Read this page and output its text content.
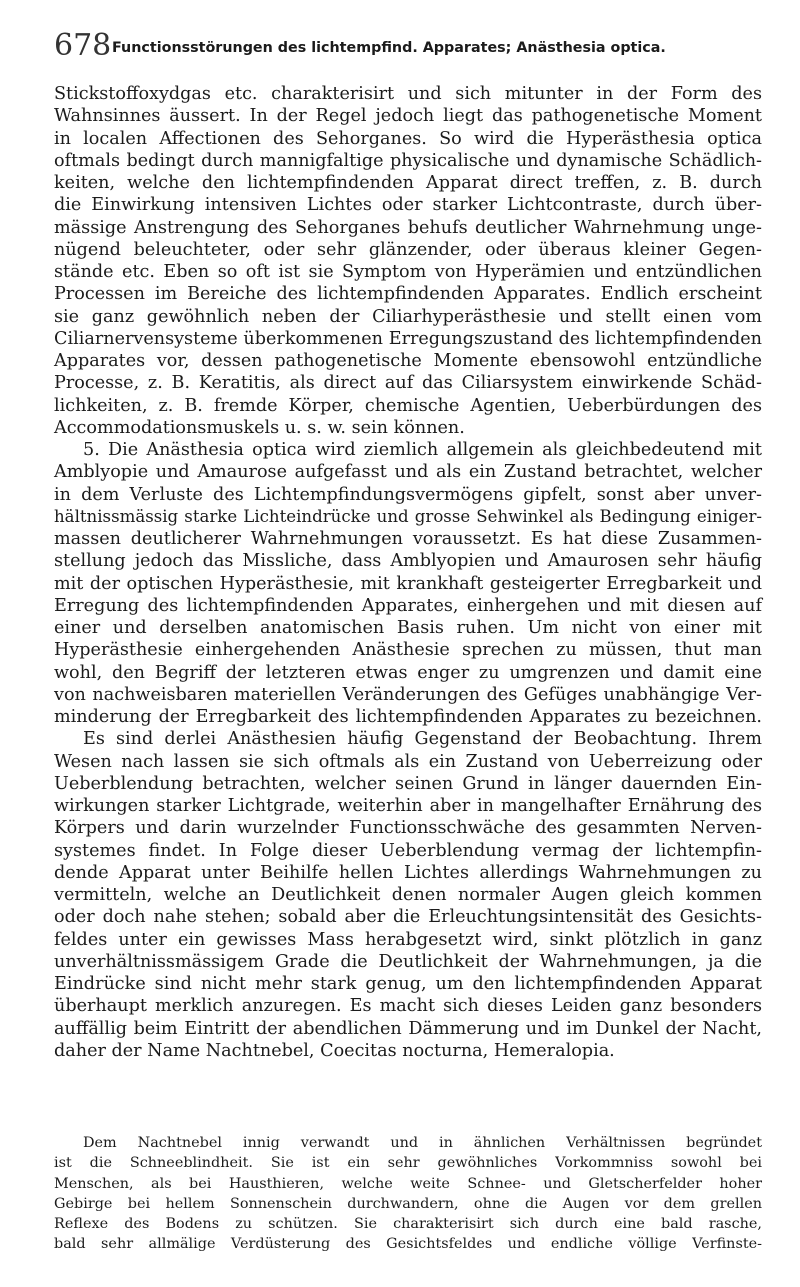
678 Functionsstörungen des lichtempfind. Apparates; Anästhesia optica.
Stickstoffoxydgas etc. charakterisirt und sich mitunter in der Form des
Wahnsinnes äussert. In der Regel jedoch liegt das pathogenetische Moment
in localen Affectionen des Sehorganes. So wird die Hyperästhesia optica
oftmals bedingt durch mannigfaltige physicalische und dynamische Schädlich-
keiten, welche den lichtempfindenden Apparat direct treffen, z. B. durch
die Einwirkung intensiven Lichtes oder starker Lichtcontraste, durch über-
mässige Anstrengung des Sehorganes behufs deutlicher Wahrnehmung unge-
nügend beleuchteter, oder sehr glänzender, oder überaus kleiner Gegen-
stände etc. Eben so oft ist sie Symptom von Hyperämien und entzündlichen
Processen im Bereiche des lichtempfindenden Apparates. Endlich erscheint
sie ganz gewöhnlich neben der Ciliarhyperästhesie und stellt einen vom
Ciliarnervensysteme überkommenen Erregungszustand des lichtempfindenden
Apparates vor, dessen pathogenetische Momente ebensowohl entzündliche
Processe, z. B. Keratitis, als direct auf das Ciliarsystem einwirkende Schäd-
lichkeiten, z. B. fremde Körper, chemische Agentien, Ueberbürdungen des
Accommodationsmuskels u. s. w. sein können.
5. Die Anästhesia optica wird ziemlich allgemein als gleichbedeutend mit
Amblyopie und Amaurose aufgefasst und als ein Zustand betrachtet, welcher
in dem Verluste des Lichtempfindungsvermögens gipfelt, sonst aber unver-
hältnissmässig starke Lichteindrücke und grosse Sehwinkel als Bedingung einiger-
massen deutlicherer Wahrnehmungen voraussetzt. Es hat diese Zusammen-
stellung jedoch das Missliche, dass Amblyopien und Amaurosen sehr häufig
mit der optischen Hyperästhesie, mit krankhaft gesteigerter Erregbarkeit und
Erregung des lichtempfindenden Apparates, einhergehen und mit diesen auf
einer und derselben anatomischen Basis ruhen. Um nicht von einer mit
Hyperästhesie einhergehenden Anästhesie sprechen zu müssen, thut man
wohl, den Begriff der letzteren etwas enger zu umgrenzen und damit eine
von nachweisbaren materiellen Veränderungen des Gefüges unabhängige Ver-
minderung der Erregbarkeit des lichtempfindenden Apparates zu bezeichnen.
Es sind derlei Anästhesien häufig Gegenstand der Beobachtung. Ihrem
Wesen nach lassen sie sich oftmals als ein Zustand von Ueberreizung oder
Ueberblendung betrachten, welcher seinen Grund in länger dauernden Ein-
wirkungen starker Lichtgrade, weiterhin aber in mangelhafter Ernährung des
Körpers und darin wurzelnder Functionsschwäche des gesammten Nerven-
systemes findet. In Folge dieser Ueberblendung vermag der lichtempfin-
dende Apparat unter Beihilfe hellen Lichtes allerdings Wahrnehmungen zu
vermitteln, welche an Deutlichkeit denen normaler Augen gleich kommen
oder doch nahe stehen; sobald aber die Erleuchtungsintensität des Gesichts-
feldes unter ein gewisses Mass herabgesetzt wird, sinkt plötzlich in ganz
unverhältnissmässigem Grade die Deutlichkeit der Wahrnehmungen, ja die
Eindrücke sind nicht mehr stark genug, um den lichtempfindenden Apparat
überhaupt merklich anzuregen. Es macht sich dieses Leiden ganz besonders
auffällig beim Eintritt der abendlichen Dämmerung und im Dunkel der Nacht,
daher der Name Nachtnebel, Coecitas nocturna, Hemeralopia.
Dem Nachtnebel innig verwandt und in ähnlichen Verhältnissen begründet
ist die Schneeblindheit. Sie ist ein sehr gewöhnliches Vorkommniss sowohl bei
Menschen, als bei Hausthieren, welche weite Schnee- und Gletscherfelder hoher
Gebirge bei hellem Sonnenschein durchwandern, ohne die Augen vor dem grellen
Reflexe des Bodens zu schützen. Sie charakterisirt sich durch eine bald rasche,
bald sehr allmälige Verdüsterung des Gesichtsfeldes und endliche völlige Verfinste-
